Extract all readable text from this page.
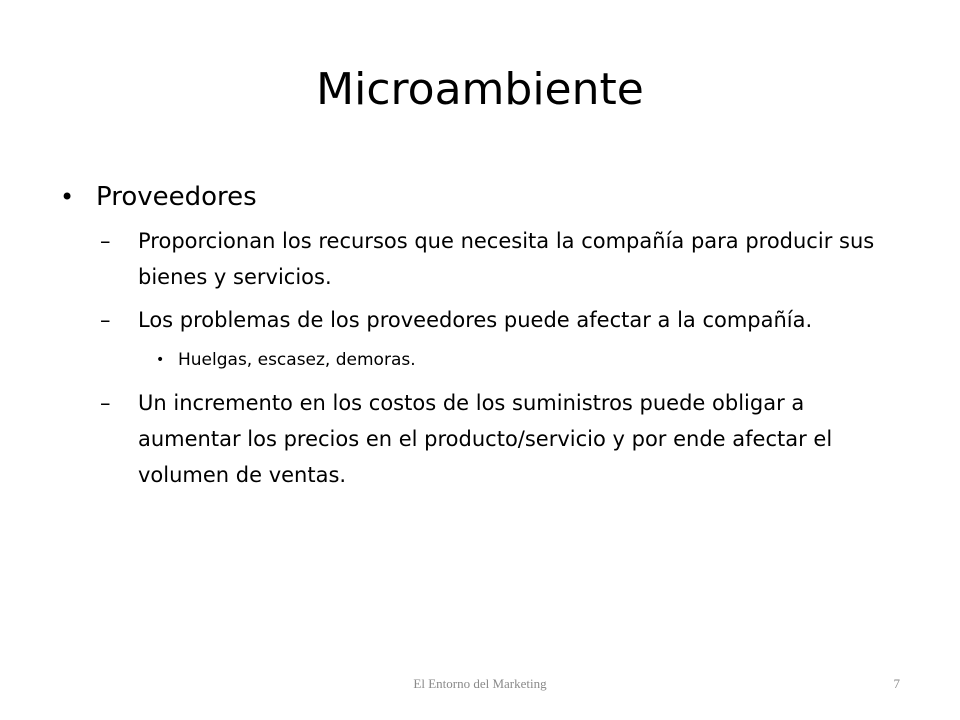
Microambiente
• Proveedores
– Proporcionan los recursos que necesita la compañía para producir sus bienes y servicios.
– Los problemas de los proveedores puede afectar a la compañía.
• Huelgas, escasez, demoras.
– Un incremento en los costos de los suministros puede obligar a aumentar los precios en el producto/servicio y por ende afectar el volumen de ventas.
El Entorno del Marketing	7
